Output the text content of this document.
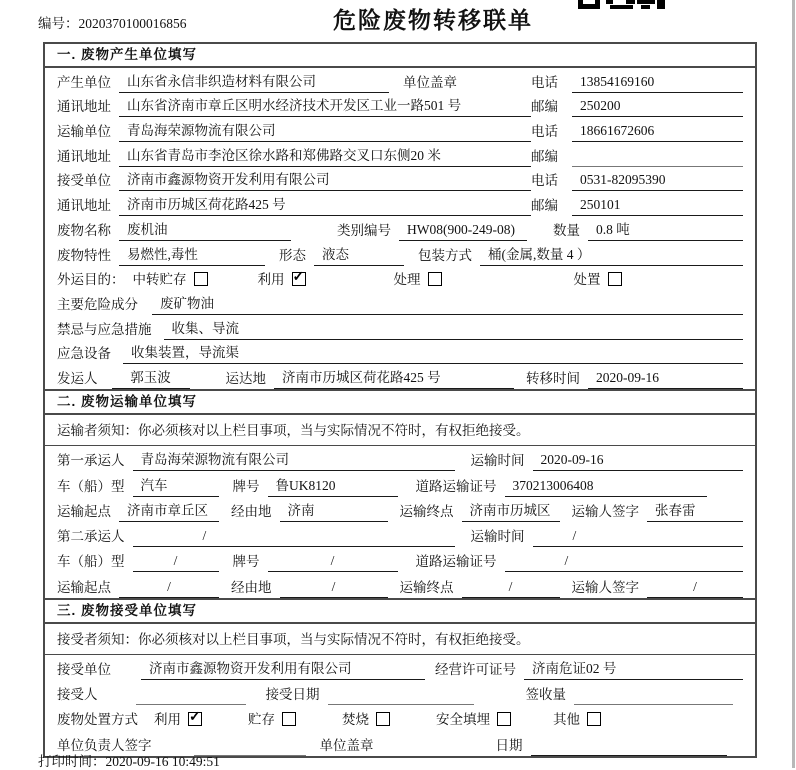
编号：2020370100016856	危险废物转移联单
一. 废物产生单位填写
产生单位	山东省永信非织造材料有限公司	单位盖章	电话	13854169160
通讯地址	山东省济南市章丘区明水经济技术开发区工业一路501 号	邮编	250200
运输单位	青岛海荣源物流有限公司	电话	18661672606
通讯地址	山东省青岛市李沧区徐水路和郑佛路交叉口东侧20 米	邮编
接受单位	济南市鑫源物资开发利用有限公司	电话	0531-82095390
通讯地址	济南市历城区荷花路425 号	邮编	250101
废物名称	废机油	类别编号	HW08(900-249-08)	数量	0.8 吨
废物特性	易燃性,毒性	形态	液态	包装方式	桶(金属,数量 4 ）
外运目的： 中转贮存	利用 ✓	处理	处置
主要危险成分	废矿物油
禁忌与应急措施	收集、导流
应急设备	收集装置，导流渠
发运人	郭玉波	运达地	济南市历城区荷花路425 号	转移时间	2020-09-16
二. 废物运输单位填写
运输者须知：你必须核对以上栏目事项，当与实际情况不符时，有权拒绝接受。
第一承运人	青岛海荣源物流有限公司	运输时间	2020-09-16
车（船）型	汽车	牌号	鲁UK8120	道路运输证号	370213006408
运输起点	济南市章丘区	经由地	济南	运输终点	济南市历城区	运输人签字	张春雷
第二承运人	/	运输时间	/
车（船）型	/	牌号	/	道路运输证号	/
运输起点	/	经由地	/	运输终点	/	运输人签字	/
三. 废物接受单位填写
接受者须知：你必须核对以上栏目事项，当与实际情况不符时，有权拒绝接受。
接受单位	济南市鑫源物资开发利用有限公司	经营许可证号	济南危证02 号
接受人	接受日期	签收量
废物处置方式 利用 ✓	贮存	焚烧	安全填埋	其他
单位负责人签字	单位盖章	日期
打印时间：2020-09-16 10:49:51
